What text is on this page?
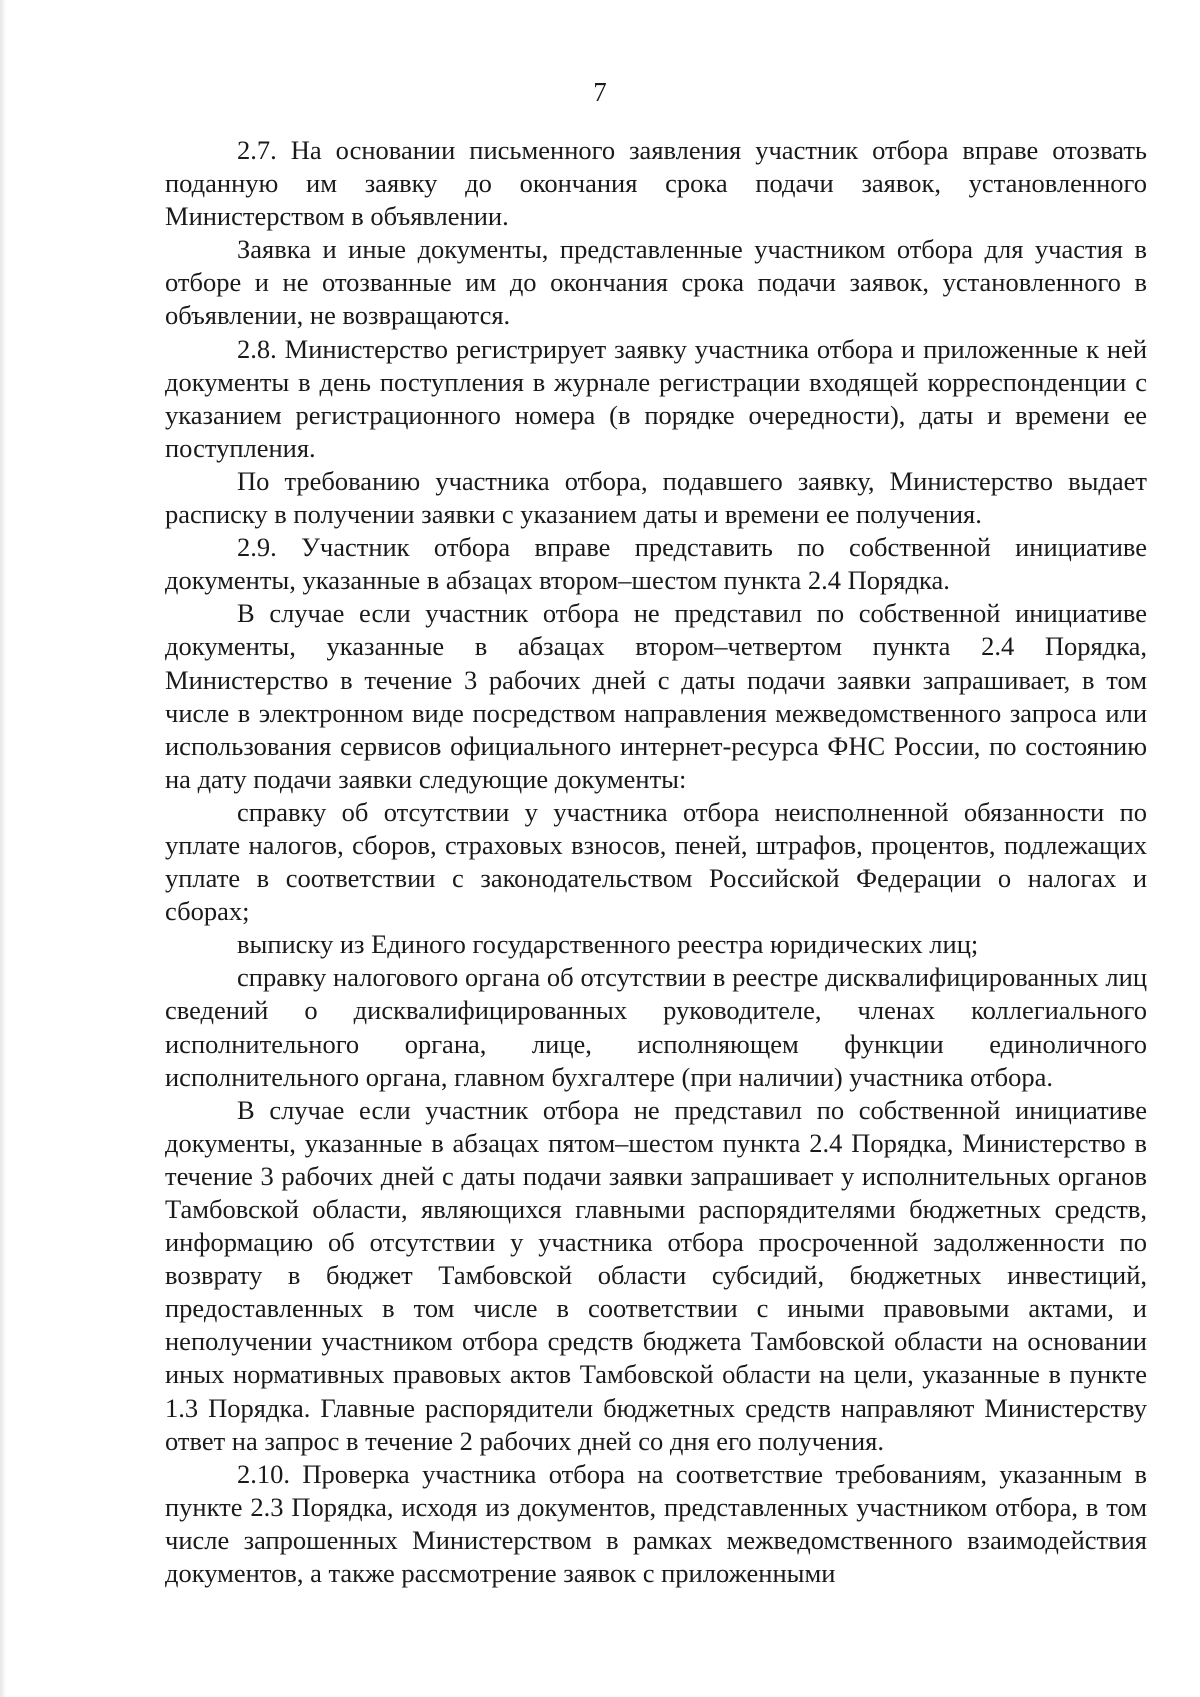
7

2.7. На основании письменного заявления участник отбора вправе отозвать поданную им заявку до окончания срока подачи заявок, установленного Министерством в объявлении.

Заявка и иные документы, представленные участником отбора для участия в отборе и не отозванные им до окончания срока подачи заявок, установленного в объявлении, не возвращаются.

2.8. Министерство регистрирует заявку участника отбора и приложенные к ней документы в день поступления в журнале регистрации входящей корреспонденции с указанием регистрационного номера (в порядке очередности), даты и времени ее поступления.

По требованию участника отбора, подавшего заявку, Министерство выдает расписку в получении заявки с указанием даты и времени ее получения.

2.9. Участник отбора вправе представить по собственной инициативе документы, указанные в абзацах втором–шестом пункта 2.4 Порядка.

В случае если участник отбора не представил по собственной инициативе документы, указанные в абзацах втором–четвертом пункта 2.4 Порядка, Министерство в течение 3 рабочих дней с даты подачи заявки запрашивает, в том числе в электронном виде посредством направления межведомственного запроса или использования сервисов официального интернет-ресурса ФНС России, по состоянию на дату подачи заявки следующие документы:

справку об отсутствии у участника отбора неисполненной обязанности по уплате налогов, сборов, страховых взносов, пеней, штрафов, процентов, подлежащих уплате в соответствии с законодательством Российской Федерации о налогах и сборах;

выписку из Единого государственного реестра юридических лиц;

справку налогового органа об отсутствии в реестре дисквалифицированных лиц сведений о дисквалифицированных руководителе, членах коллегиального исполнительного органа, лице, исполняющем функции единоличного исполнительного органа, главном бухгалтере (при наличии) участника отбора.

В случае если участник отбора не представил по собственной инициативе документы, указанные в абзацах пятом–шестом пункта 2.4 Порядка, Министерство в течение 3 рабочих дней с даты подачи заявки запрашивает у исполнительных органов Тамбовской области, являющихся главными распорядителями бюджетных средств, информацию об отсутствии у участника отбора просроченной задолженности по возврату в бюджет Тамбовской области субсидий, бюджетных инвестиций, предоставленных в том числе в соответствии с иными правовыми актами, и неполучении участником отбора средств бюджета Тамбовской области на основании иных нормативных правовых актов Тамбовской области на цели, указанные в пункте 1.3 Порядка. Главные распорядители бюджетных средств направляют Министерству ответ на запрос в течение 2 рабочих дней со дня его получения.

2.10. Проверка участника отбора на соответствие требованиям, указанным в пункте 2.3 Порядка, исходя из документов, представленных участником отбора, в том числе запрошенных Министерством в рамках межведомственного взаимодействия документов, а также рассмотрение заявок с приложенными
